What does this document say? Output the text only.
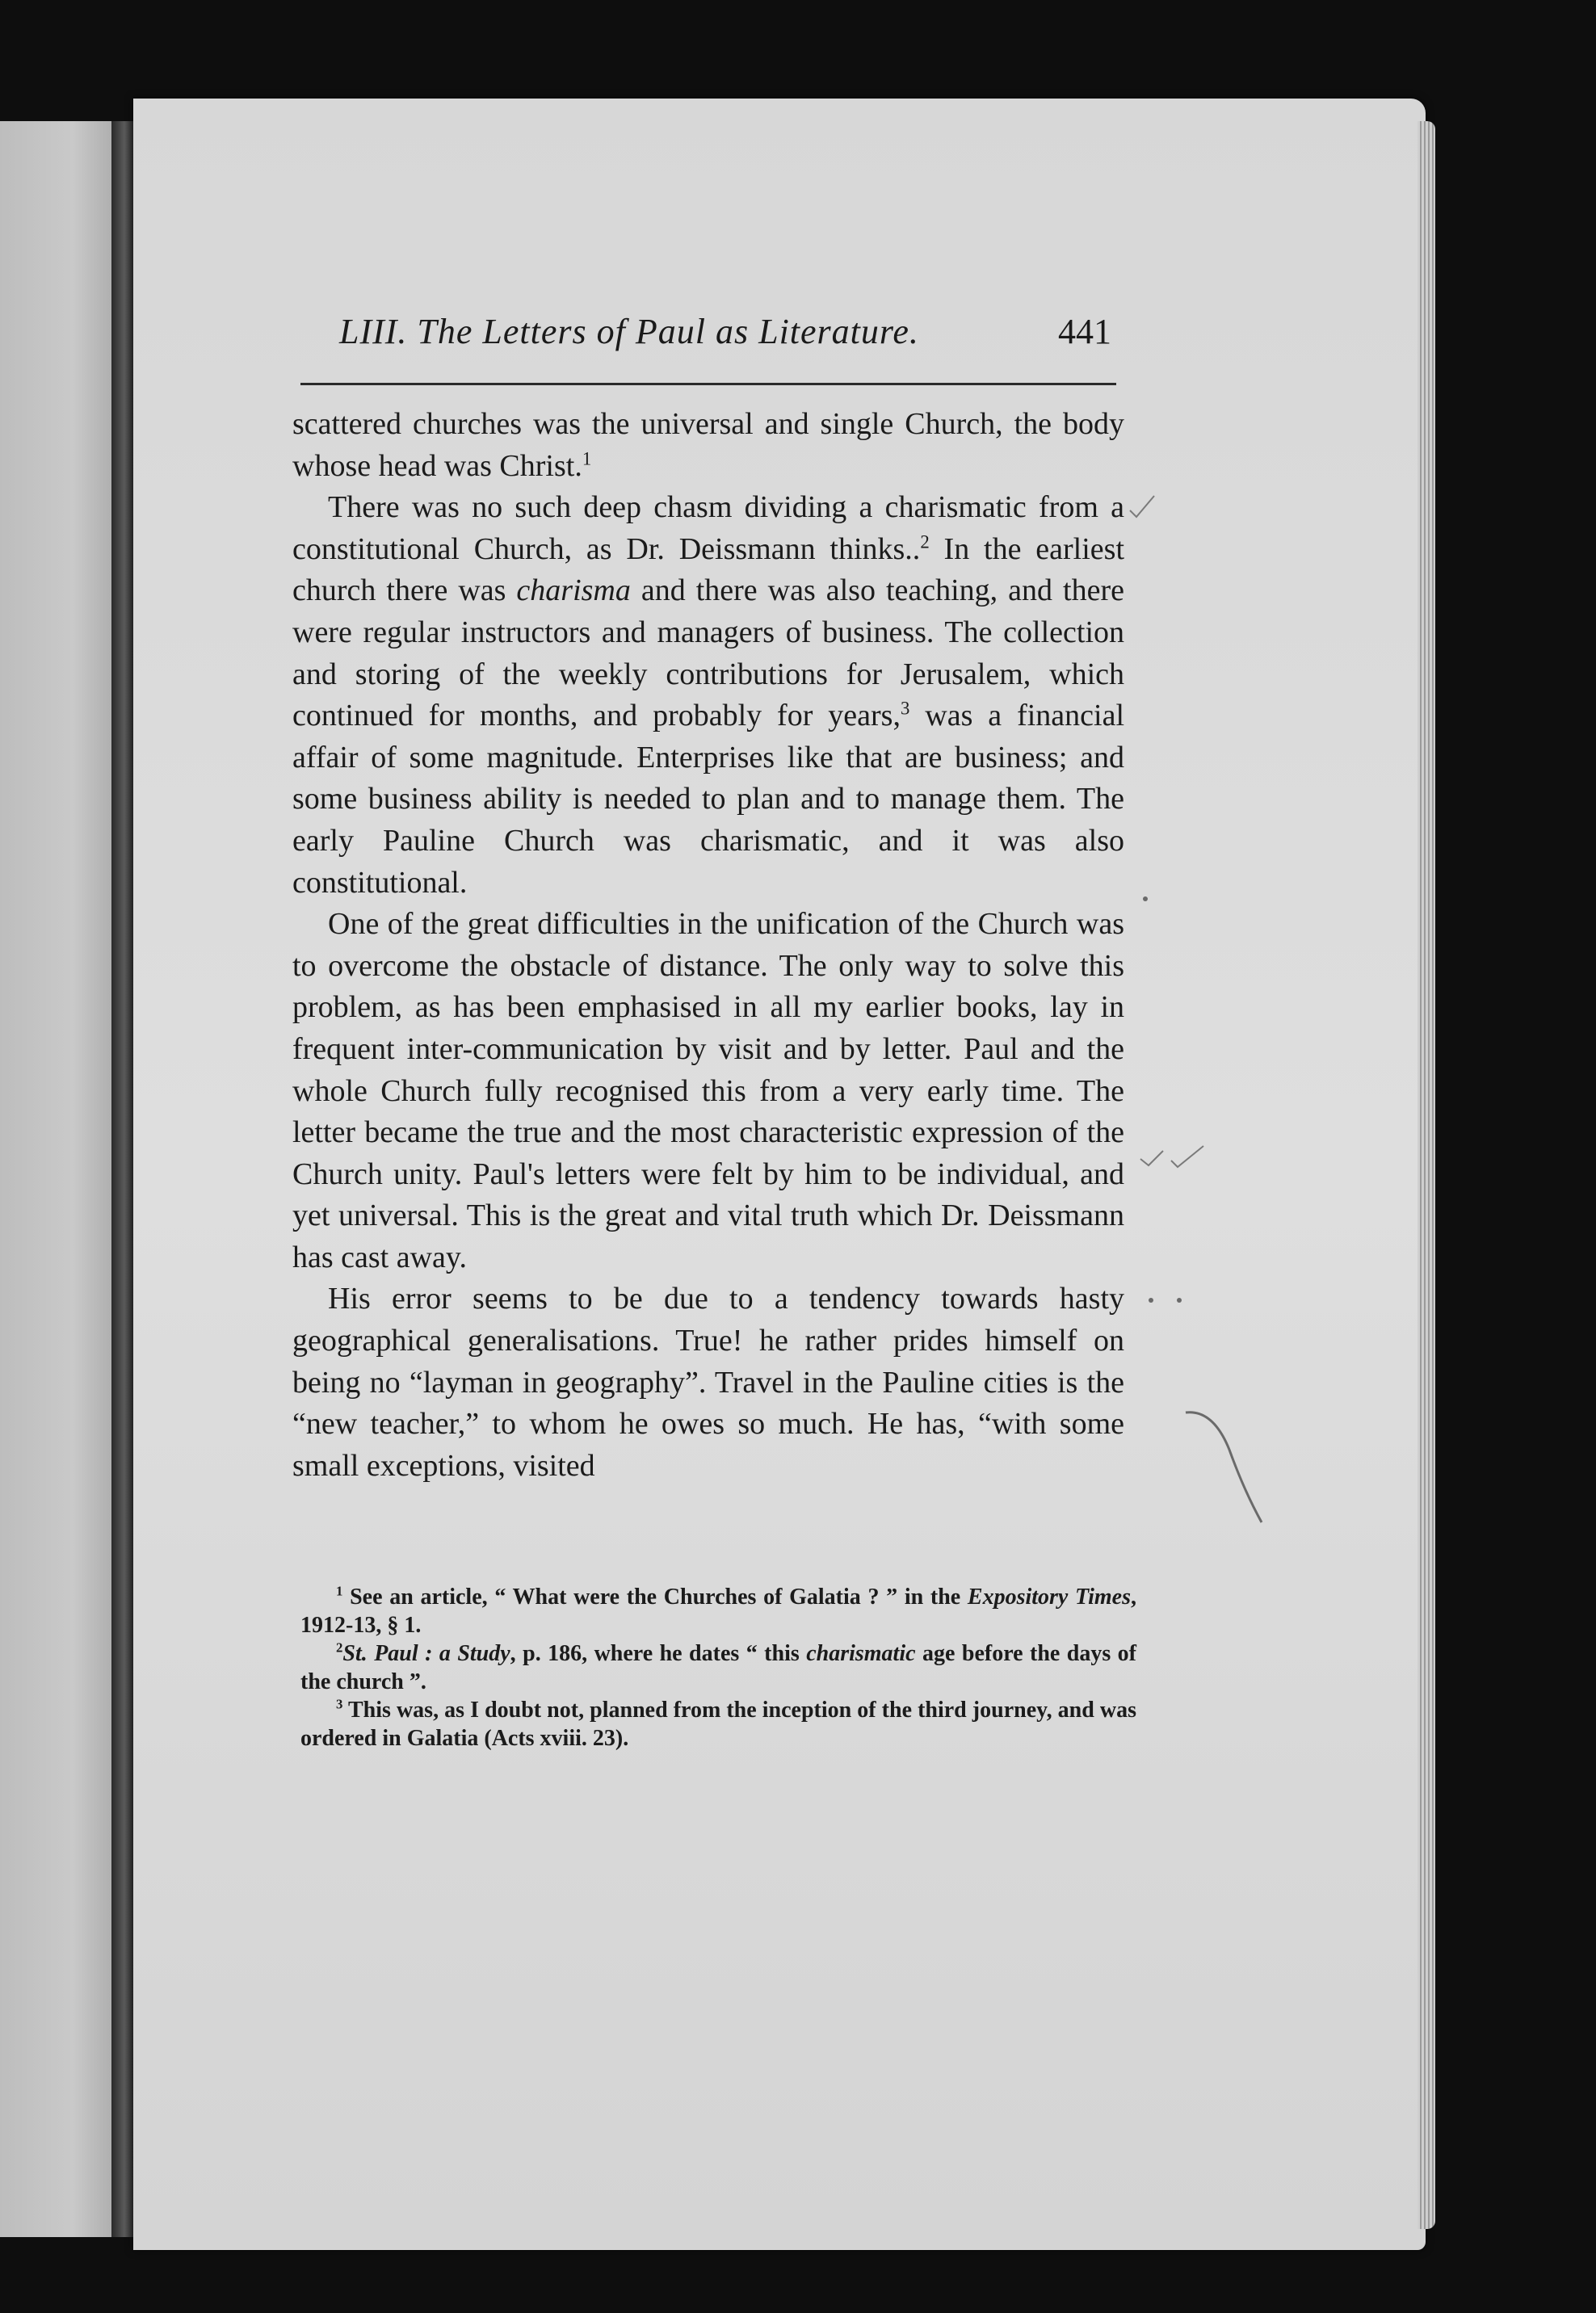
LIII. The Letters of Paul as Literature.	441

scattered churches was the universal and single Church, the body whose head was Christ.$^1$

There was no such deep chasm dividing a charismatic from a constitutional Church, as Dr. Deissmann thinks..$^2$ In the earliest church there was charisma and there was also teaching, and there were regular instructors and managers of business. The collection and storing of the weekly contributions for Jerusalem, which continued for months, and probably for years,$^3$ was a financial affair of some magnitude. Enterprises like that are business; and some business ability is needed to plan and to manage them. The early Pauline Church was charismatic, and it was also constitutional.

One of the great difficulties in the unification of the Church was to overcome the obstacle of distance. The only way to solve this problem, as has been emphasised in all my earlier books, lay in frequent inter-communication by visit and by letter. Paul and the whole Church fully recognised this from a very early time. The letter became the true and the most characteristic expression of the Church unity. Paul's letters were felt by him to be individual, and yet universal. This is the great and vital truth which Dr. Deissmann has cast away.

His error seems to be due to a tendency towards hasty geographical generalisations. True! he rather prides himself on being no “layman in geography”. Travel in the Pauline cities is the “new teacher,” to whom he owes so much. He has, “with some small exceptions, visited

$^1$ See an article, “ What were the Churches of Galatia ? ” in the Expository Times, 1912-13, § 1.

$^2$St. Paul : a Study, p. 186, where he dates “ this charismatic age before the days of the church ”.

$^3$ This was, as I doubt not, planned from the inception of the third journey, and was ordered in Galatia (Acts xviii. 23).
